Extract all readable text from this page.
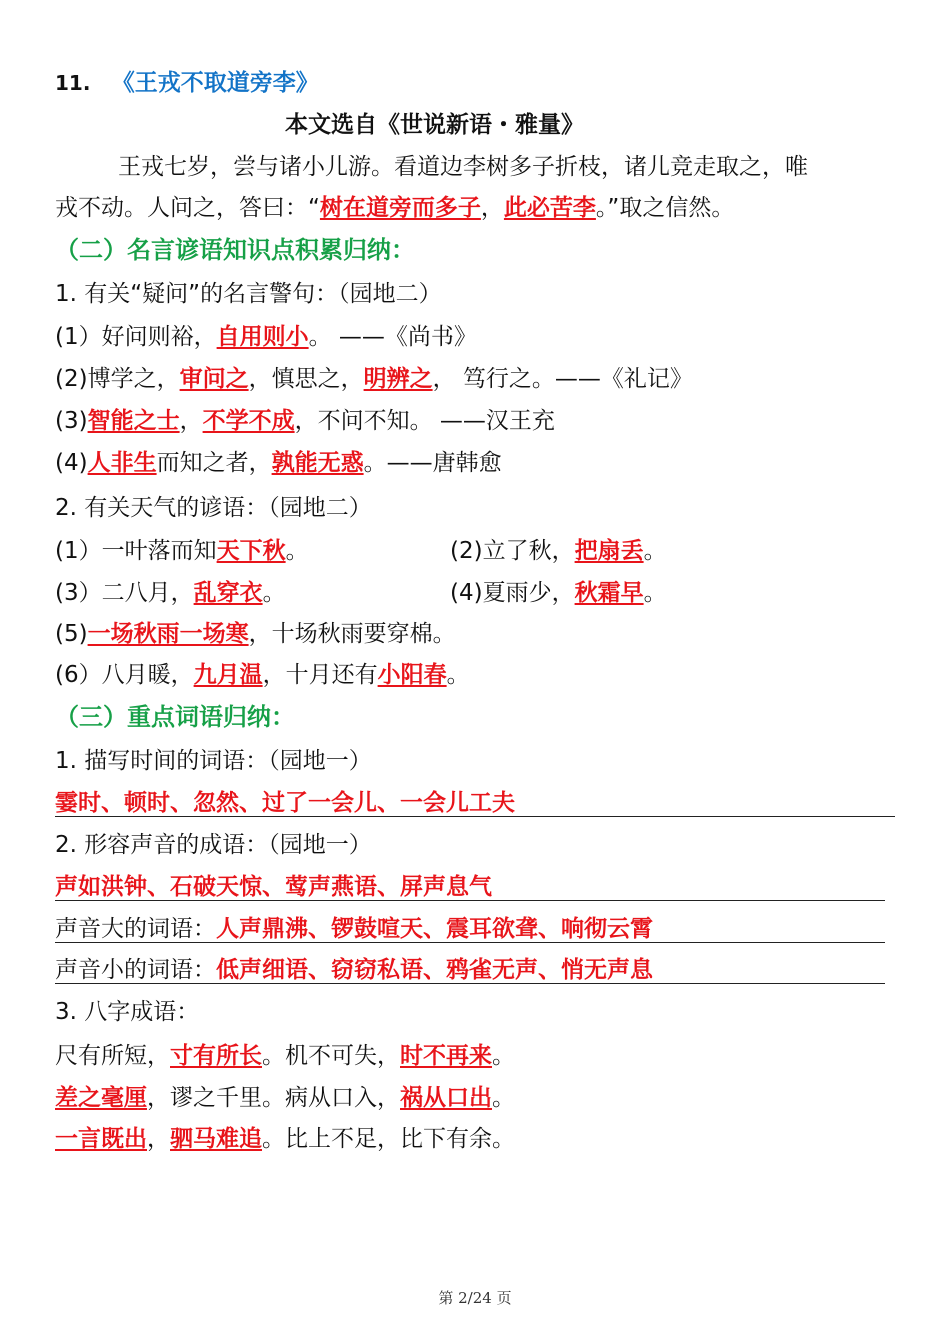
11. 《王戎不取道旁李》
本文选自《世说新语・雅量》
王戎七岁，尝与诸小儿游。看道边李树多子折枝，诸儿竞走取之，唯
戎不动。人问之，答曰：“树在道旁而多子，此必苦李。”取之信然。
（二）名言谚语知识点积累归纳：
1. 有关“疑问”的名言警句：（园地二）
(1）好问则裕，自用则小。 ——《尚书》
(2)博学之，审问之，慎思之，明辨之， 笃行之。——《礼记》
(3)智能之士，不学不成，不问不知。 ——汉王充
(4)人非生而知之者，孰能无惑。——唐韩愈
2. 有关天气的谚语：（园地二）
(1）一叶落而知天下秋。	(2)立了秋，把扇丢。
(3）二八月，乱穿衣。	(4)夏雨少，秋霜早。
(5)一场秋雨一场寒，十场秋雨要穿棉。
(6）八月暖，九月温，十月还有小阳春。
（三）重点词语归纳：
1. 描写时间的词语：（园地一）
霎时、顿时、忽然、过了一会儿、一会儿工夫
2. 形容声音的成语：（园地一）
声如洪钟、石破天惊、莺声燕语、屏声息气
声音大的词语：人声鼎沸、锣鼓喧天、震耳欲聋、响彻云霄
声音小的词语：低声细语、窃窃私语、鸦雀无声、悄无声息
3. 八字成语：
尺有所短，寸有所长。机不可失，时不再来。
差之毫厘，谬之千里。病从口入，祸从口出。
一言既出，驷马难追。比上不足，比下有余。
第 2/24 页
